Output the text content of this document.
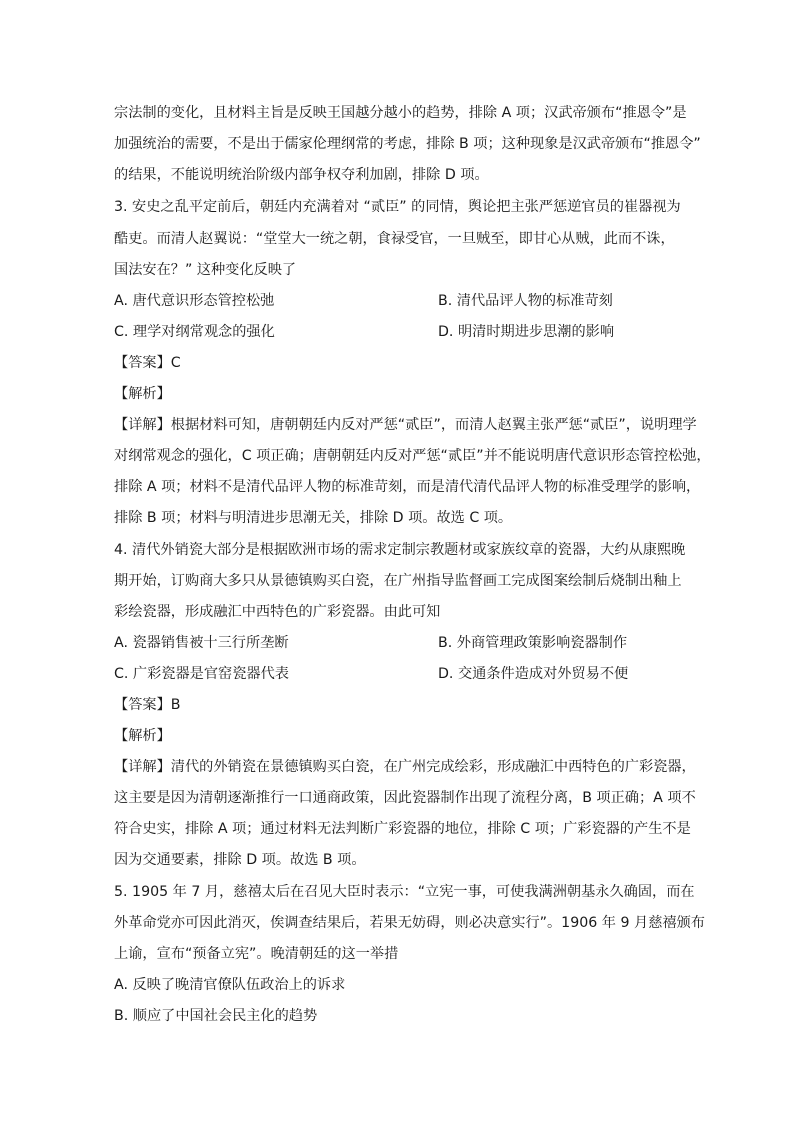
宗法制的变化，且材料主旨是反映王国越分越小的趋势，排除 A 项；汉武帝颁布“推恩令”是
加强统治的需要，不是出于儒家伦理纲常的考虑，排除 B 项；这种现象是汉武帝颁布“推恩令”
的结果，不能说明统治阶级内部争权夺利加剧，排除 D 项。
3. 安史之乱平定前后，朝廷内充满着对 “贰臣” 的同情，舆论把主张严惩逆官员的崔器视为
酷吏。而清人赵翼说：“堂堂大一统之朝，食禄受官，一旦贼至，即甘心从贼，此而不诛，
国法安在？” 这种变化反映了
A. 唐代意识形态管控松弛	B. 清代品评人物的标准苛刻
C. 理学对纲常观念的强化	D. 明清时期进步思潮的影响
【答案】C
【解析】
【详解】根据材料可知，唐朝朝廷内反对严惩“贰臣”，而清人赵翼主张严惩“贰臣”，说明理学
对纲常观念的强化，C 项正确；唐朝朝廷内反对严惩“贰臣”并不能说明唐代意识形态管控松弛，
排除 A 项；材料不是清代品评人物的标准苛刻，而是清代清代品评人物的标准受理学的影响，
排除 B 项；材料与明清进步思潮无关，排除 D 项。故选 C 项。
4. 清代外销瓷大部分是根据欧洲市场的需求定制宗教题材或家族纹章的瓷器，大约从康熙晚
期开始，订购商大多只从景德镇购买白瓷，在广州指导监督画工完成图案绘制后烧制出釉上
彩绘瓷器，形成融汇中西特色的广彩瓷器。由此可知
A. 瓷器销售被十三行所垄断	B. 外商管理政策影响瓷器制作
C. 广彩瓷器是官窑瓷器代表	D. 交通条件造成对外贸易不便
【答案】B
【解析】
【详解】清代的外销瓷在景德镇购买白瓷，在广州完成绘彩，形成融汇中西特色的广彩瓷器，
这主要是因为清朝逐渐推行一口通商政策，因此瓷器制作出现了流程分离，B 项正确；A 项不
符合史实，排除 A 项；通过材料无法判断广彩瓷器的地位，排除 C 项；广彩瓷器的产生不是
因为交通要素，排除 D 项。故选 B 项。
5. 1905 年 7 月，慈禧太后在召见大臣时表示：“立宪一事，可使我满洲朝基永久确固，而在
外革命党亦可因此消灭，俟调查结果后，若果无妨碍，则必决意实行”。1906 年 9 月慈禧颁布
上谕，宣布“预备立宪”。晚清朝廷的这一举措
A. 反映了晚清官僚队伍政治上的诉求
B. 顺应了中国社会民主化的趋势
